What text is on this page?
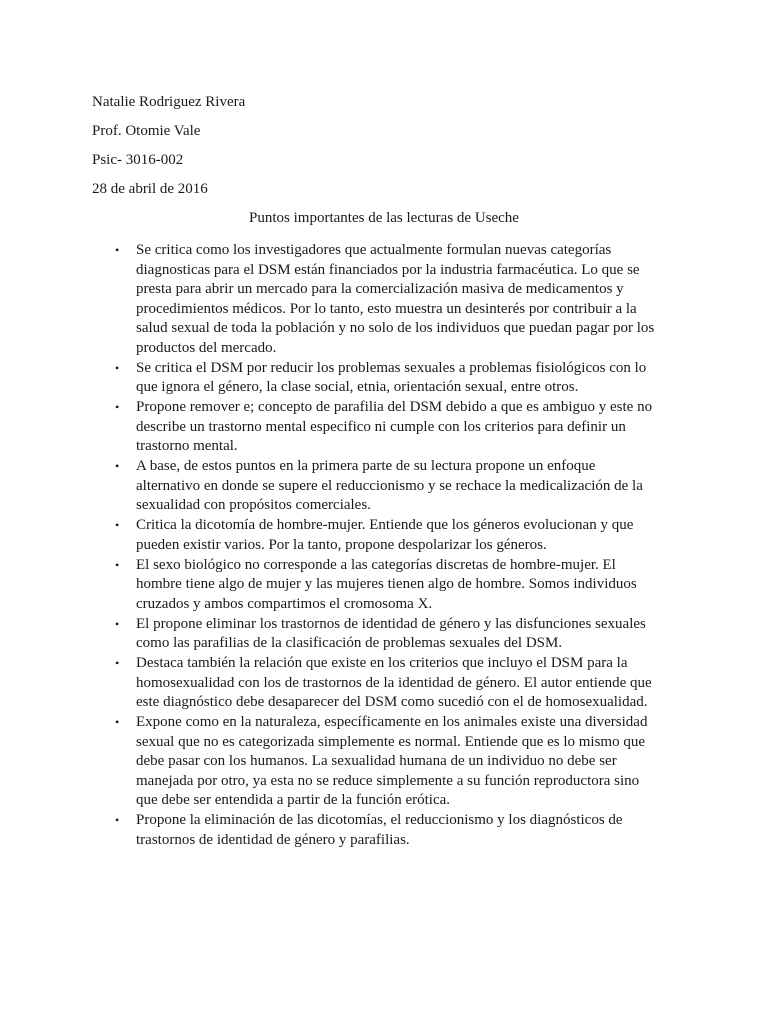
Natalie Rodriguez Rivera
Prof. Otomie Vale
Psic- 3016-002
28 de abril de 2016
Puntos importantes de las lecturas de Useche
• Se critica como los investigadores que actualmente formulan nuevas categorías diagnosticas para el DSM están financiados por la industria farmacéutica. Lo que se presta para abrir un mercado para la comercialización masiva de medicamentos y procedimientos médicos. Por lo tanto, esto muestra un desinterés por contribuir a la salud sexual de toda la población y no solo de los individuos que puedan pagar por los productos del mercado.
• Se critica el DSM por reducir los problemas sexuales a problemas fisiológicos con lo que ignora el género, la clase social, etnia, orientación sexual, entre otros.
• Propone remover e; concepto de parafilia del DSM debido a que es ambiguo y este no describe un trastorno mental especifico ni cumple con los criterios para definir un trastorno mental.
• A base, de estos puntos en la primera parte de su lectura propone un enfoque alternativo en donde se supere el reduccionismo y se rechace la medicalización de la sexualidad con propósitos comerciales.
• Critica la dicotomía de hombre-mujer. Entiende que los géneros evolucionan y que pueden existir varios. Por la tanto, propone despolarizar los géneros.
• El sexo biológico no corresponde a las categorías discretas de hombre-mujer. El hombre tiene algo de mujer y las mujeres tienen algo de hombre. Somos individuos cruzados y ambos compartimos el cromosoma X.
• El propone eliminar los trastornos de identidad de género y las disfunciones sexuales como las parafilias de la clasificación de problemas sexuales del DSM.
• Destaca también la relación que existe en los criterios que incluyo el DSM para la homosexualidad con los de trastornos de la identidad de género. El autor entiende que este diagnóstico debe desaparecer del DSM como sucedió con el de homosexualidad.
• Expone como en la naturaleza, específicamente en los animales existe una diversidad sexual que no es categorizada simplemente es normal. Entiende que es lo mismo que debe pasar con los humanos. La sexualidad humana de un individuo no debe ser manejada por otro, ya esta no se reduce simplemente a su función reproductora sino que debe ser entendida a partir de la función erótica.
• Propone la eliminación de las dicotomías, el reduccionismo y los diagnósticos de trastornos de identidad de género y parafilias.
